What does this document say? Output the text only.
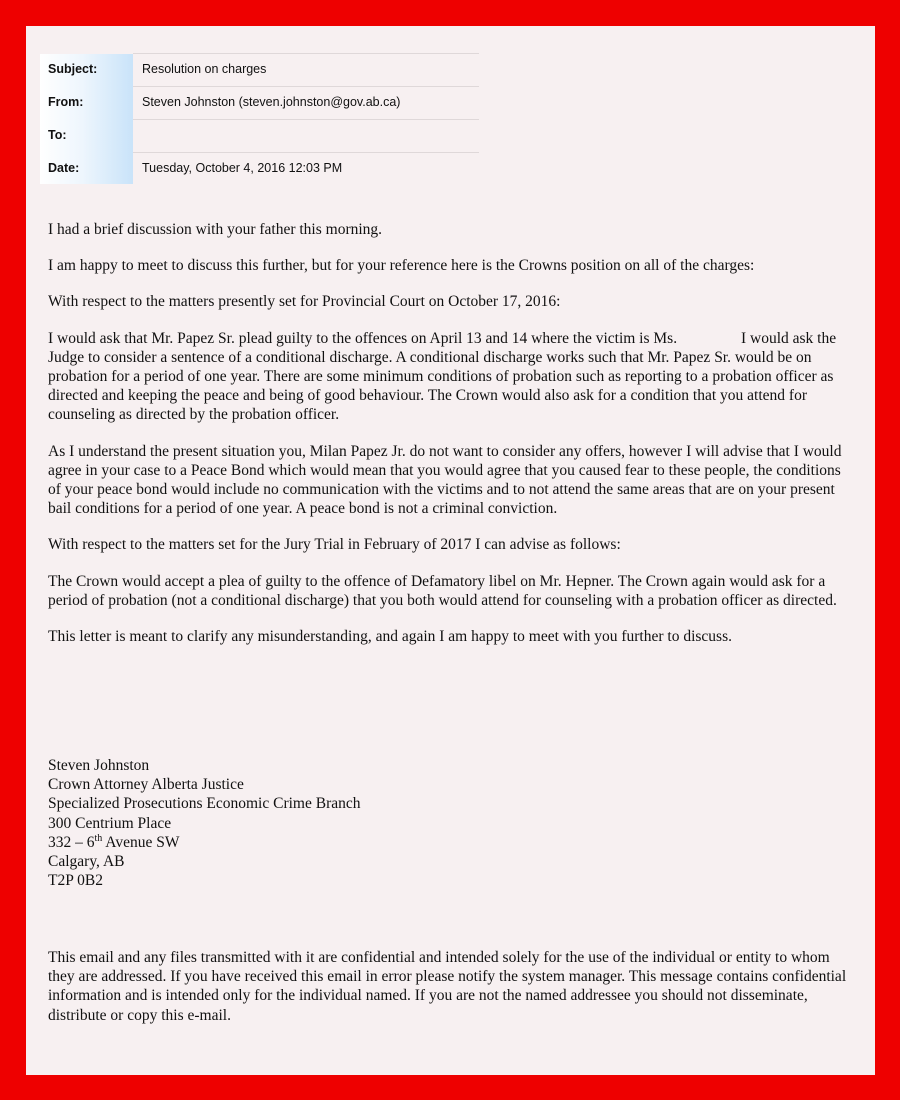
Subject:	Resolution on charges
From:	Steven Johnston (steven.johnston@gov.ab.ca)
To:
Date:	Tuesday, October 4, 2016 12:03 PM

I had a brief discussion with your father this morning.

I am happy to meet to discuss this further, but for your reference here is the Crowns position on all of the charges:

With respect to the matters presently set for Provincial Court on October 17, 2016:

I would ask that Mr. Papez Sr. plead guilty to the offences on April 13 and 14 where the victim is Ms.	I would ask the Judge to consider a sentence of a conditional discharge. A conditional discharge works such that Mr. Papez Sr. would be on probation for a period of one year. There are some minimum conditions of probation such as reporting to a probation officer as directed and keeping the peace and being of good behaviour. The Crown would also ask for a condition that you attend for counseling as directed by the probation officer.

As I understand the present situation you, Milan Papez Jr. do not want to consider any offers, however I will advise that I would agree in your case to a Peace Bond which would mean that you would agree that you caused fear to these people, the conditions of your peace bond would include no communication with the victims and to not attend the same areas that are on your present bail conditions for a period of one year. A peace bond is not a criminal conviction.

With respect to the matters set for the Jury Trial in February of 2017 I can advise as follows:

The Crown would accept a plea of guilty to the offence of Defamatory libel on Mr. Hepner. The Crown again would ask for a period of probation (not a conditional discharge) that you both would attend for counseling with a probation officer as directed.

This letter is meant to clarify any misunderstanding, and again I am happy to meet with you further to discuss.

Steven Johnston
Crown Attorney Alberta Justice
Specialized Prosecutions Economic Crime Branch
300 Centrium Place
332 – 6th Avenue SW
Calgary, AB
T2P 0B2
This email and any files transmitted with it are confidential and intended solely for the use of the individual or entity to whom they are addressed. If you have received this email in error please notify the system manager. This message contains confidential information and is intended only for the individual named. If you are not the named addressee you should not disseminate, distribute or copy this e-mail.
